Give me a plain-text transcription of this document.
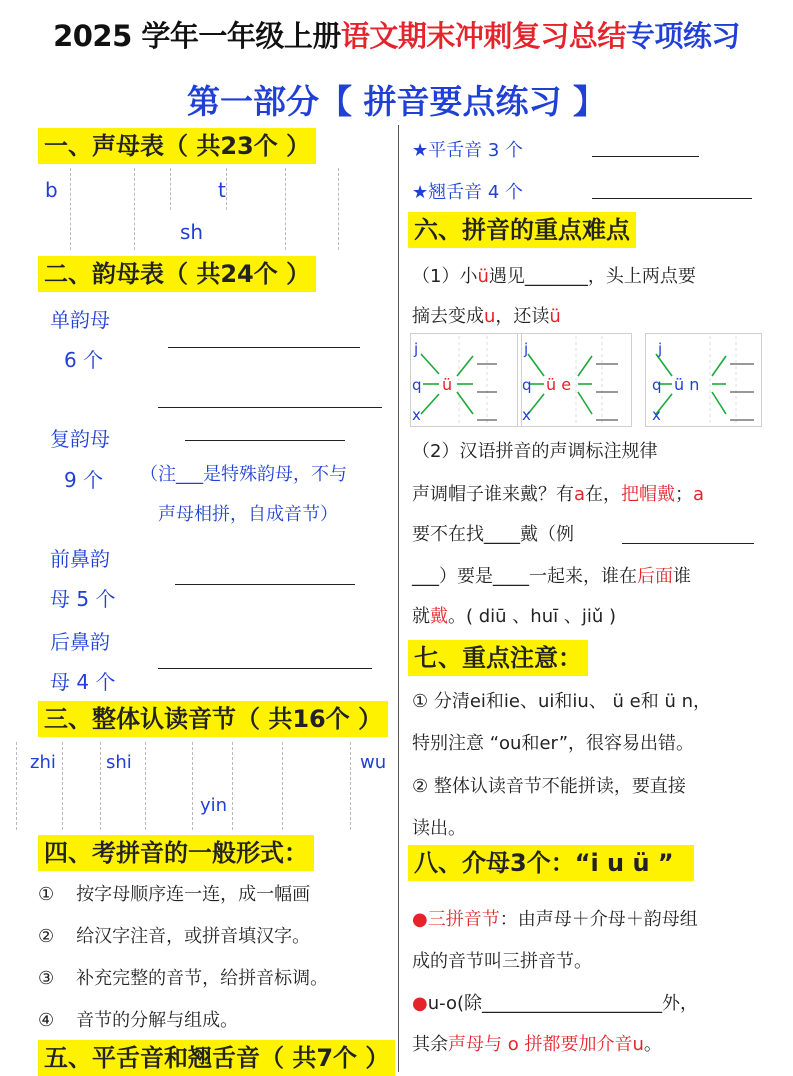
2025 学年一年级上册语文期末冲刺复习总结专项练习
第一部分【 拼音要点练习 】
一、声母表（ 共23个 ）
b	t
sh
二、韵母表（ 共24个 ）
单韵母
6 个
复韵母
9 个 （注___是特殊韵母，不与
声母相拼，自成音节）
前鼻韵
母 5 个
后鼻韵
母 4 个
三、整体认读音节（ 共16个 ）
zhi	shi	wu
yin
四、考拼音的一般形式：
① 按字母顺序连一连，成一幅画
② 给汉字注音，或拼音填汉字。
③ 补充完整的音节，给拼音标调。
④ 音节的分解与组成。
五、平舌音和翘舌音（ 共7个 ）
★平舌音 3 个
★翘舌音 4 个
六、拼音的重点难点
（1）小ü遇见_______，头上两点要
摘去变成u，还读ü
j
q
x
ü
j
q
x
ü e
j
q
x
ü n
（2）汉语拼音的声调标注规律
声调帽子谁来戴？有a在，把帽戴；a
要不在找____戴（例
___）要是____一起来，谁在后面谁
就戴。( diū 、huī 、jiǔ )
七、重点注意：
① 分清ei和ie、ui和iu、 ü e和 ü n，
特别注意 “ou和er”，很容易出错。
② 整体认读音节不能拼读，要直接
读出。
八、介母3个：“i u ü ”
●三拼音节：由声母＋介母＋韵母组
成的音节叫三拼音节。
●u-o(除____________________外，
其余声母与 o 拼都要加介音u。
